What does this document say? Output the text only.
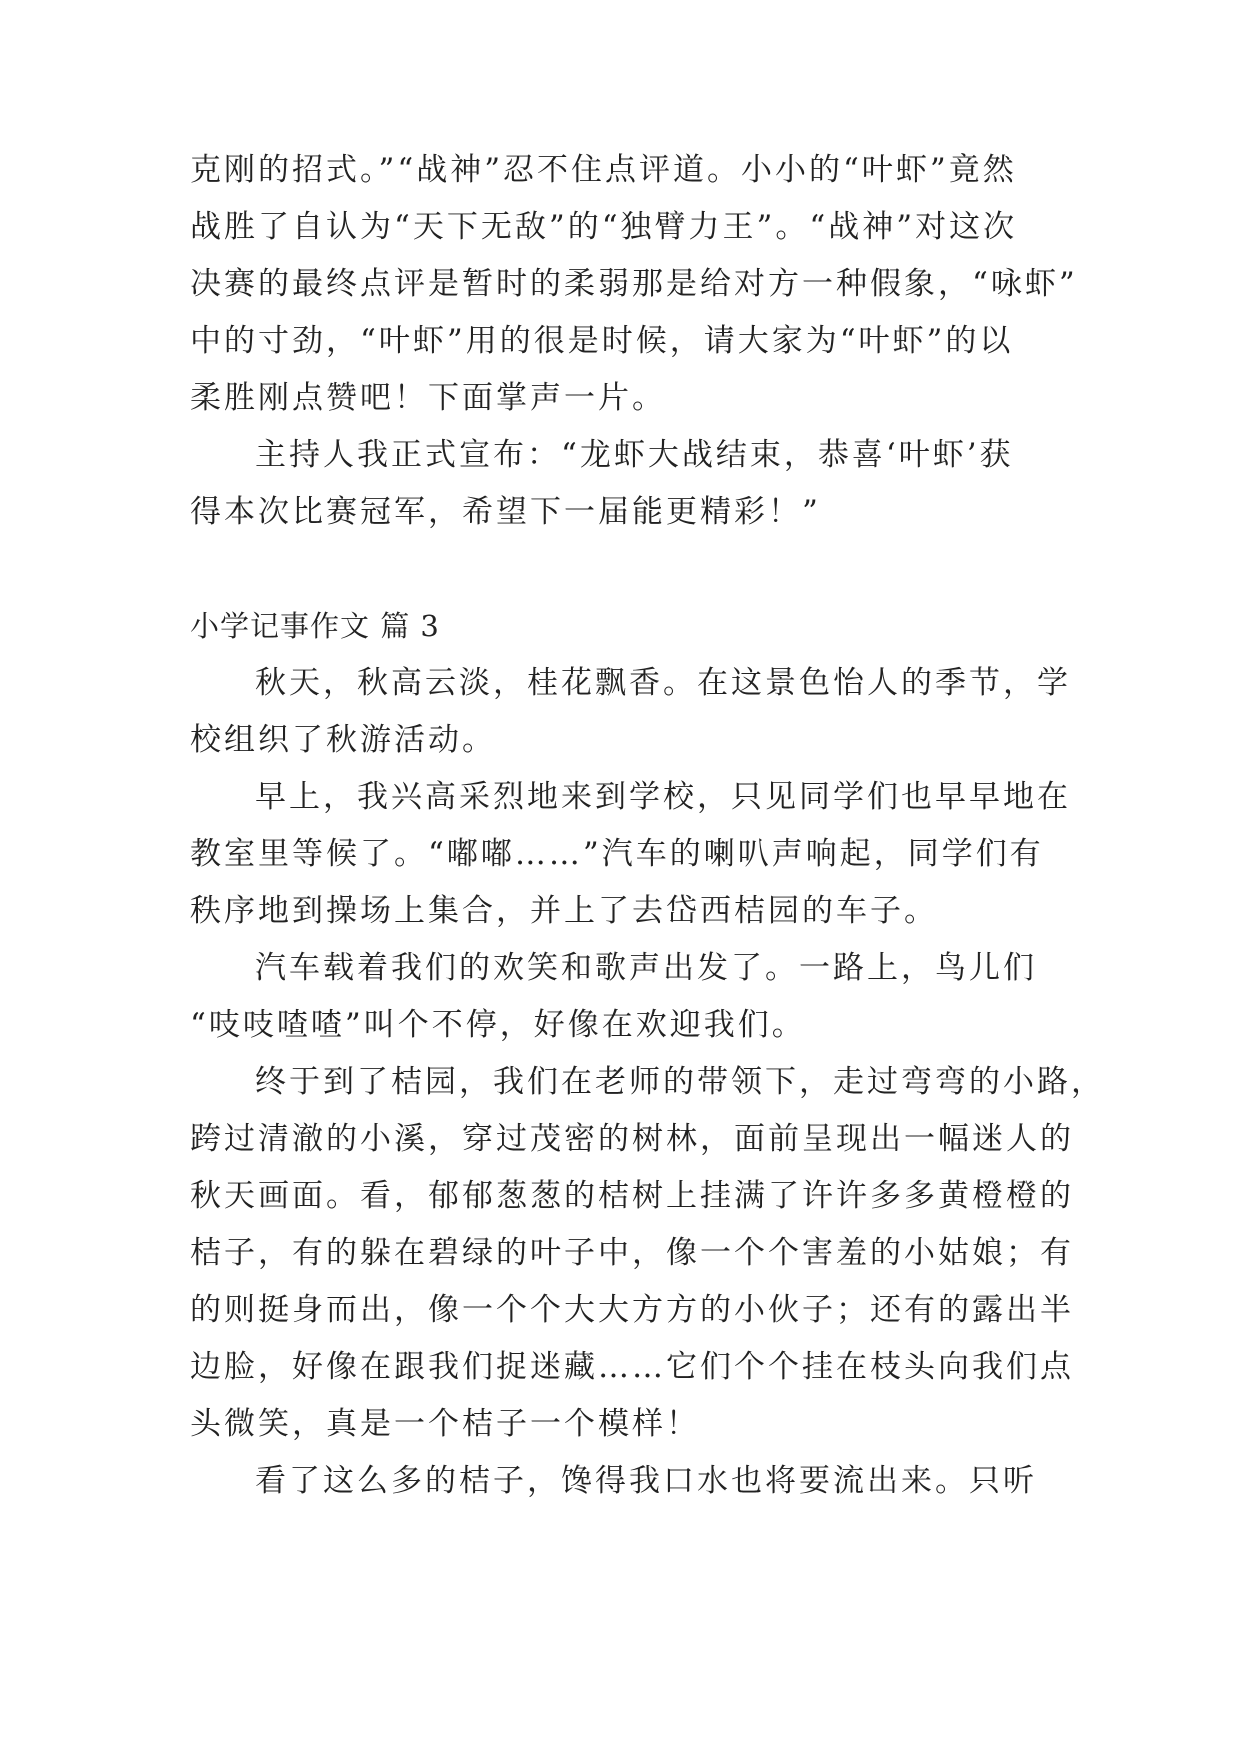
克刚的招式。”“战神”忍不住点评道。小小的“叶虾”竟然
战胜了自认为“天下无敌”的“独臂力王”。“战神”对这次
决赛的最终点评是暂时的柔弱那是给对方一种假象，“咏虾”
中的寸劲，“叶虾”用的很是时候，请大家为“叶虾”的以
柔胜刚点赞吧！下面掌声一片。
主持人我正式宣布：“龙虾大战结束，恭喜‘叶虾’获
得本次比赛冠军，希望下一届能更精彩！”
小学记事作文 篇 3
秋天，秋高云淡，桂花飘香。在这景色怡人的季节，学
校组织了秋游活动。
早上，我兴高采烈地来到学校，只见同学们也早早地在
教室里等候了。“嘟嘟……”汽车的喇叭声响起，同学们有
秩序地到操场上集合，并上了去岱西桔园的车子。
汽车载着我们的欢笑和歌声出发了。一路上，鸟儿们
“吱吱喳喳”叫个不停，好像在欢迎我们。
终于到了桔园，我们在老师的带领下，走过弯弯的小路，
跨过清澈的小溪，穿过茂密的树林，面前呈现出一幅迷人的
秋天画面。看，郁郁葱葱的桔树上挂满了许许多多黄橙橙的
桔子，有的躲在碧绿的叶子中，像一个个害羞的小姑娘；有
的则挺身而出，像一个个大大方方的小伙子；还有的露出半
边脸，好像在跟我们捉迷藏……它们个个挂在枝头向我们点
头微笑，真是一个桔子一个模样！
看了这么多的桔子，馋得我口水也将要流出来。只听
